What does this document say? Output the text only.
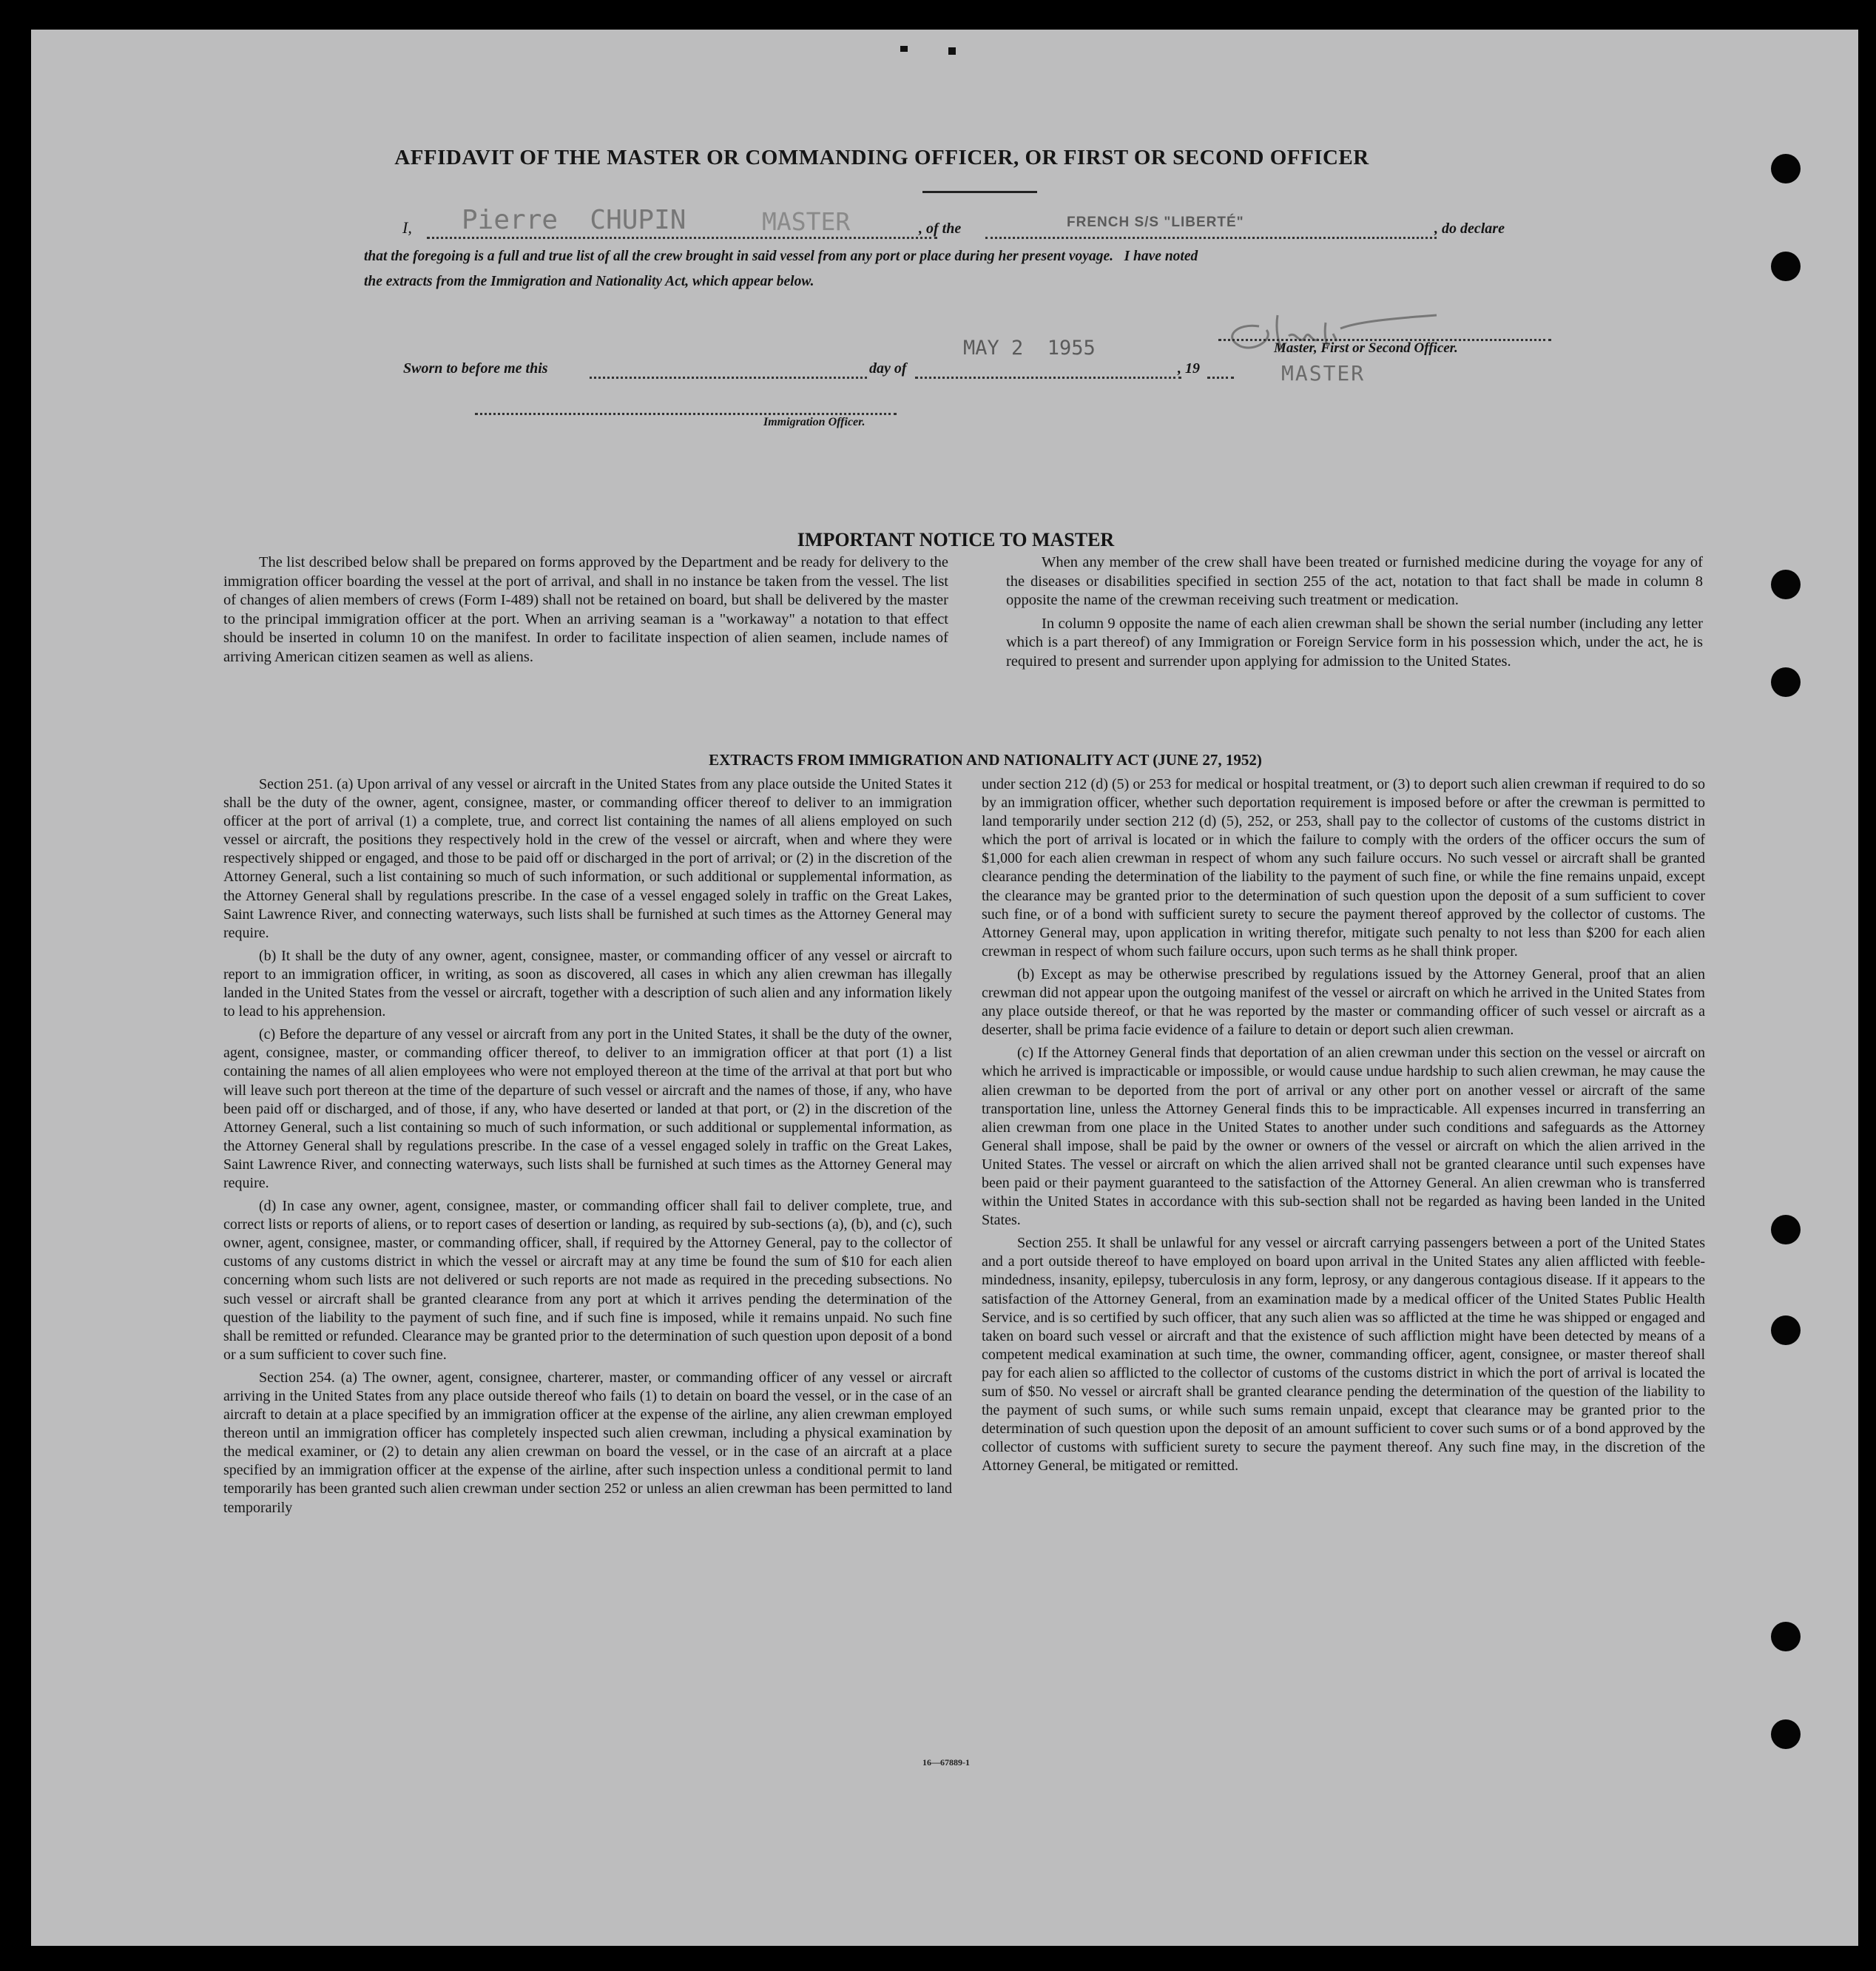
AFFIDAVIT OF THE MASTER OR COMMANDING OFFICER, OR FIRST OR SECOND OFFICER
I, Pierre  CHUPIN	MASTER	, of the	FRENCH S/S "LIBERTÉ"	, do declare
that the foregoing is a full and true list of all the crew brought in said vessel from any port or place during her present voyage.   I have noted
the extracts from the Immigration and Nationality Act, which appear below.
Master, First or Second Officer.
MAY 2  1955
Sworn to before me this	day of	, 19	MASTER
Immigration Officer.
IMPORTANT NOTICE TO MASTER

The list described below shall be prepared on forms approved by the Department and be ready for delivery to the immigration officer boarding the vessel at the port of arrival, and shall in no instance be taken from the vessel. The list of changes of alien members of crews (Form I-489) shall not be retained on board, but shall be delivered by the master to the principal immigration officer at the port. When an arriving seaman is a "workaway" a notation to that effect should be inserted in column 10 on the manifest. In order to facilitate inspection of alien seamen, include names of arriving American citizen seamen as well as aliens.

When any member of the crew shall have been treated or furnished medicine during the voyage for any of the diseases or disabilities specified in section 255 of the act, notation to that fact shall be made in column 8 opposite the name of the crewman receiving such treatment or medication.

In column 9 opposite the name of each alien crewman shall be shown the serial number (including any letter which is a part thereof) of any Immigration or Foreign Service form in his possession which, under the act, he is required to present and surrender upon applying for admission to the United States.

EXTRACTS FROM IMMIGRATION AND NATIONALITY ACT (JUNE 27, 1952)

Section 251. (a) Upon arrival of any vessel or aircraft in the United States from any place outside the United States it shall be the duty of the owner, agent, consignee, master, or commanding officer thereof to deliver to an immigration officer at the port of arrival (1) a complete, true, and correct list containing the names of all aliens employed on such vessel or aircraft, the positions they respectively hold in the crew of the vessel or aircraft, when and where they were respectively shipped or engaged, and those to be paid off or discharged in the port of arrival; or (2) in the discretion of the Attorney General, such a list containing so much of such information, or such additional or supplemental information, as the Attorney General shall by regulations prescribe. In the case of a vessel engaged solely in traffic on the Great Lakes, Saint Lawrence River, and connecting waterways, such lists shall be furnished at such times as the Attorney General may require.

(b) It shall be the duty of any owner, agent, consignee, master, or commanding officer of any vessel or aircraft to report to an immigration officer, in writing, as soon as discovered, all cases in which any alien crewman has illegally landed in the United States from the vessel or aircraft, together with a description of such alien and any information likely to lead to his apprehension.

(c) Before the departure of any vessel or aircraft from any port in the United States, it shall be the duty of the owner, agent, consignee, master, or commanding officer thereof, to deliver to an immigration officer at that port (1) a list containing the names of all alien employees who were not employed thereon at the time of the arrival at that port but who will leave such port thereon at the time of the departure of such vessel or aircraft and the names of those, if any, who have been paid off or discharged, and of those, if any, who have deserted or landed at that port, or (2) in the discretion of the Attorney General, such a list containing so much of such information, or such additional or supplemental information, as the Attorney General shall by regulations prescribe. In the case of a vessel engaged solely in traffic on the Great Lakes, Saint Lawrence River, and connecting waterways, such lists shall be furnished at such times as the Attorney General may require.

(d) In case any owner, agent, consignee, master, or commanding officer shall fail to deliver complete, true, and correct lists or reports of aliens, or to report cases of desertion or landing, as required by sub-sections (a), (b), and (c), such owner, agent, consignee, master, or commanding officer, shall, if required by the Attorney General, pay to the collector of customs of any customs district in which the vessel or aircraft may at any time be found the sum of $10 for each alien concerning whom such lists are not delivered or such reports are not made as required in the preceding subsections. No such vessel or aircraft shall be granted clearance from any port at which it arrives pending the determination of the question of the liability to the payment of such fine, and if such fine is imposed, while it remains unpaid. No such fine shall be remitted or refunded. Clearance may be granted prior to the determination of such question upon deposit of a bond or a sum sufficient to cover such fine.

Section 254. (a) The owner, agent, consignee, charterer, master, or commanding officer of any vessel or aircraft arriving in the United States from any place outside thereof who fails (1) to detain on board the vessel, or in the case of an aircraft to detain at a place specified by an immigration officer at the expense of the airline, any alien crewman employed thereon until an immigration officer has completely inspected such alien crewman, including a physical examination by the medical examiner, or (2) to detain any alien crewman on board the vessel, or in the case of an aircraft at a place specified by an immigration officer at the expense of the airline, after such inspection unless a conditional permit to land temporarily has been granted such alien crewman under section 252 or unless an alien crewman has been permitted to land temporarily

under section 212 (d) (5) or 253 for medical or hospital treatment, or (3) to deport such alien crewman if required to do so by an immigration officer, whether such deportation requirement is imposed before or after the crewman is permitted to land temporarily under section 212 (d) (5), 252, or 253, shall pay to the collector of customs of the customs district in which the port of arrival is located or in which the failure to comply with the orders of the officer occurs the sum of $1,000 for each alien crewman in respect of whom any such failure occurs. No such vessel or aircraft shall be granted clearance pending the determination of the liability to the payment of such fine, or while the fine remains unpaid, except the clearance may be granted prior to the determination of such question upon the deposit of a sum sufficient to cover such fine, or of a bond with sufficient surety to secure the payment thereof approved by the collector of customs. The Attorney General may, upon application in writing therefor, mitigate such penalty to not less than $200 for each alien crewman in respect of whom such failure occurs, upon such terms as he shall think proper.

(b) Except as may be otherwise prescribed by regulations issued by the Attorney General, proof that an alien crewman did not appear upon the outgoing manifest of the vessel or aircraft on which he arrived in the United States from any place outside thereof, or that he was reported by the master or commanding officer of such vessel or aircraft as a deserter, shall be prima facie evidence of a failure to detain or deport such alien crewman.

(c) If the Attorney General finds that deportation of an alien crewman under this section on the vessel or aircraft on which he arrived is impracticable or impossible, or would cause undue hardship to such alien crewman, he may cause the alien crewman to be deported from the port of arrival or any other port on another vessel or aircraft of the same transportation line, unless the Attorney General finds this to be impracticable. All expenses incurred in transferring an alien crewman from one place in the United States to another under such conditions and safeguards as the Attorney General shall impose, shall be paid by the owner or owners of the vessel or aircraft on which the alien arrived in the United States. The vessel or aircraft on which the alien arrived shall not be granted clearance until such expenses have been paid or their payment guaranteed to the satisfaction of the Attorney General. An alien crewman who is transferred within the United States in accordance with this sub-section shall not be regarded as having been landed in the United States.

Section 255. It shall be unlawful for any vessel or aircraft carrying passengers between a port of the United States and a port outside thereof to have employed on board upon arrival in the United States any alien afflicted with feeble-mindedness, insanity, epilepsy, tuberculosis in any form, leprosy, or any dangerous contagious disease. If it appears to the satisfaction of the Attorney General, from an examination made by a medical officer of the United States Public Health Service, and is so certified by such officer, that any such alien was so afflicted at the time he was shipped or engaged and taken on board such vessel or aircraft and that the existence of such affliction might have been detected by means of a competent medical examination at such time, the owner, commanding officer, agent, consignee, or master thereof shall pay for each alien so afflicted to the collector of customs of the customs district in which the port of arrival is located the sum of $50. No vessel or aircraft shall be granted clearance pending the determination of the question of the liability to the payment of such sums, or while such sums remain unpaid, except that clearance may be granted prior to the determination of such question upon the deposit of an amount sufficient to cover such sums or of a bond approved by the collector of customs with sufficient surety to secure the payment thereof. Any such fine may, in the discretion of the Attorney General, be mitigated or remitted.

16—67889-1
